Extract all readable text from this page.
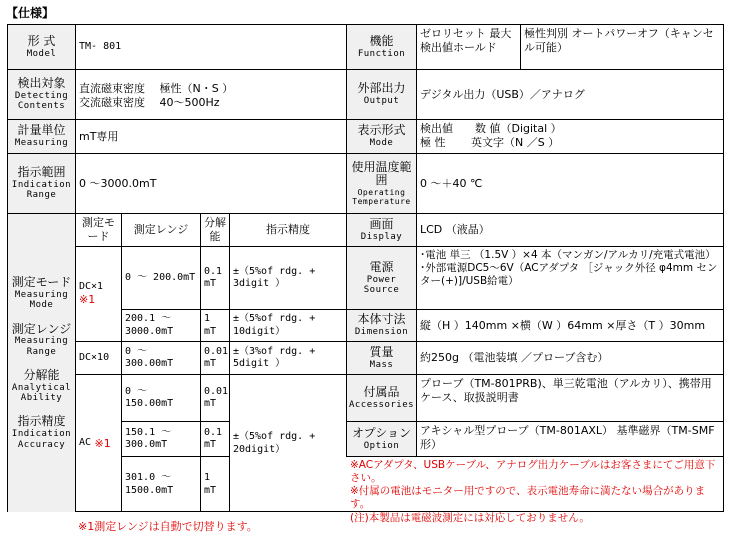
【仕様】
形 式
Model
TM- 801
検出対象
Detecting
Contents
直流磁束密度　 極性（N・S ）
交流磁束密度　 40～500Hz
計量単位
Measuring
mT専用
指示範囲
Indication
Range
0 ～3000.0mT
測定モード
Measuring
Mode
測定レンジ
Measuring
Range
分解能
Analytical
Ability
指示精度
Indication
Accuracy
測定モード
測定レンジ
分解能
指示精度
DC×1
※1
0 ～ 200.0mT
0.1 mT
±（5%of rdg. + 3digit ）
200.1 ～ 3000.0mT
1 mT
±（5%of rdg. + 10digit）
DC×10
0 ～ 300.00mT
0.01 mT
±（3%of rdg. + 5digit ）
AC
※1
0 ～ 150.00mT
0.01 mT
150.1 ～ 300.0mT
0.1 mT
301.0 ～ 1500.0mT
1 mT
±（5%of rdg. + 20digit）
機能
Function
ゼロリセット 最大検出値ホールド
極性判別 オートパワーオフ（キャンセル可能）
外部出力
Output
デジタル出力（USB）／アナログ
表示形式
Mode
検出値　　数 値（Digital ）
極 性　　 英文字（N ／S ）
使用温度範囲
Operating Temperature
0 ～＋40 ℃
画面
Display
LCD （液晶）
電源
Power
Source
･電池 単三 （1.5V ）×4 本（マンガン/アルカリ/充電式電池）
･外部電源DC5～6V（ACアダプタ ［ジャック外径 φ4mm センター(+)]/USB給電）
本体寸法
Dimension
縦（H ）140mm ×横（W ）64mm ×厚さ（T ）30mm
質量
Mass
約250g （電池装填 ／プローブ含む）
付属品
Accessories
プローブ（TM-801PRB)、単三乾電池（アルカリ）、携帯用ケース、取扱説明書
オプション
Option
アキシャル型プローブ（TM-801AXL） 基準磁界（TM-SMF形）
※ACアダプタ、USBケーブル、アナログ出力ケーブルはお客さまにてご用意下さい。
※付属の電池はモニター用ですので、表示電池寿命に満たない場合があります。
(注)本製品は電磁波測定には対応しておりません。
※1測定レンジは自動で切替ります。
